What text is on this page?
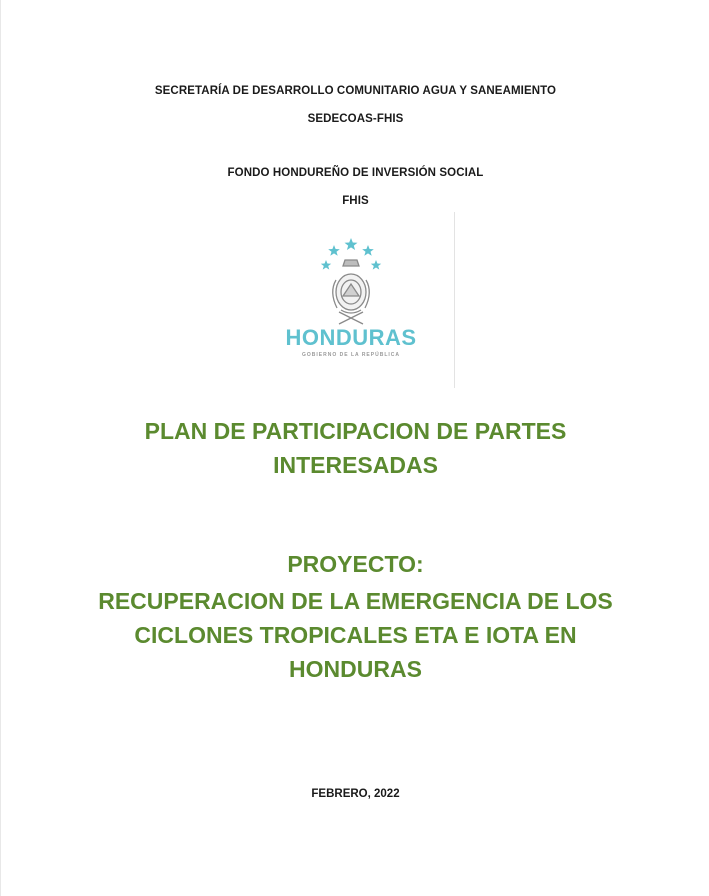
SECRETARÍA DE DESARROLLO COMUNITARIO AGUA Y SANEAMIENTO
SEDECOAS-FHIS
FONDO HONDUREÑO DE INVERSIÓN SOCIAL
FHIS
HONDURAS
GOBIERNO DE LA REPÚBLICA
PLAN DE PARTICIPACION DE PARTES
INTERESADAS
PROYECTO:
RECUPERACION DE LA EMERGENCIA DE LOS
CICLONES TROPICALES ETA E IOTA EN
HONDURAS
FEBRERO, 2022
